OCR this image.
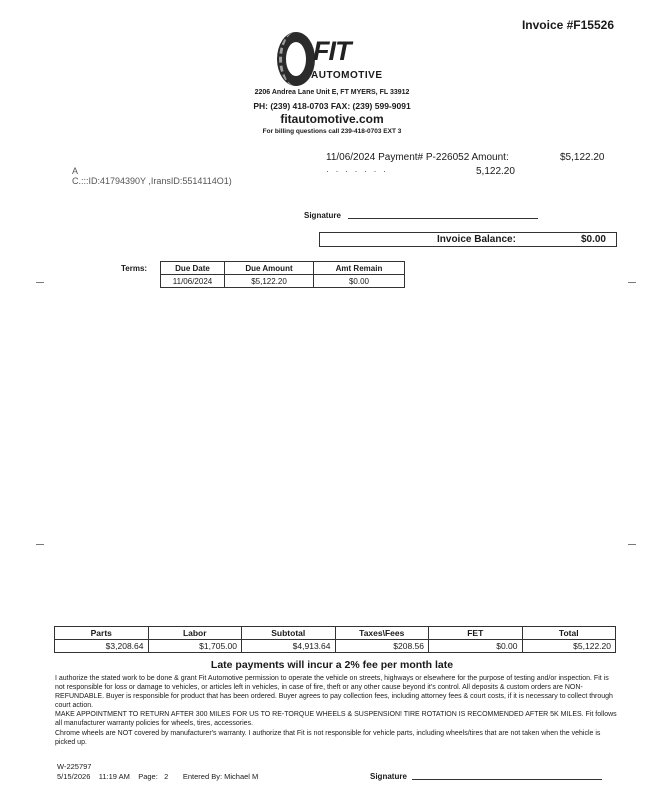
Invoice #F15526
FIT
AUTOMOTIVE
2206 Andrea Lane Unit E, FT MYERS, FL 33912
PH: (239) 418-0703 FAX: (239) 599-9091
fitautomotive.com
For billing questions call 239-418-0703 EXT 3
11/06/2024 Payment# P-226052 Amount:	$5,122.20
A
C.:::ID:41794390Y ,IransID:5514114O1)
· · · · · · ·	5,122.20
Signature
Invoice Balance:	$0.00
Terms:	Due Date	Due Amount	Amt Remain
11/06/2024	$5,122.20	$0.00
Parts	Labor	Subtotal	Taxes\Fees	FET	Total
$3,208.64	$1,705.00	$4,913.64	$208.56	$0.00	$5,122.20
Late payments will incur a 2% fee per month late

I authorize the stated work to be done & grant Fit Automotive permission to operate the vehicle on streets, highways or elsewhere for the purpose of testing and/or inspection. Fit is not responsible for loss or damage to vehicles, or articles left in vehicles, in case of fire, theft or any other cause beyond it's control. All deposits & custom orders are NON-REFUNDABLE. Buyer is responsible for product that has been ordered. Buyer agrees to pay collection fees, including attorney fees & court costs, if it is necessary to collect through court action.

MAKE APPOINTMENT TO RETURN AFTER 300 MILES FOR US TO RE-TORQUE WHEELS & SUSPENSION! TIRE ROTATION IS RECOMMENDED AFTER 5K MILES. Fit follows all manufacturer warranty policies for wheels, tires, accessories.

Chrome wheels are NOT covered by manufacturer's warranty. I authorize that Fit is not responsible for vehicle parts, including wheels/tires that are not taken when the vehicle is picked up.

W-225797
5/15/2026 11:19 AM Page: 2 Entered By: Michael M	Signature
